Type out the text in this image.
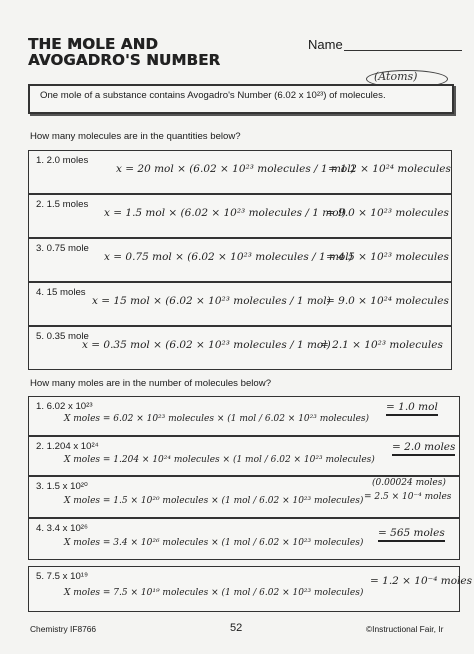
THE MOLE AND
AVOGADRO'S NUMBER
Name
(Atoms)
One mole of a substance contains Avogadro's Number (6.02 x 10²³) of molecules.
How many molecules are in the quantities below?
1. 2.0 moles
x = 20 mol × (6.02 × 10²³ molecules / 1 mol)
= 1.2 × 10²⁴ molecules
2. 1.5 moles
x = 1.5 mol × (6.02 × 10²³ molecules / 1 mol)
= 9.0 × 10²³ molecules
3. 0.75 mole
x = 0.75 mol × (6.02 × 10²³ molecules / 1 mol)
= 4.5 × 10²³ molecules
4. 15 moles
x = 15 mol × (6.02 × 10²³ molecules / 1 mol)
= 9.0 × 10²⁴ molecules
5. 0.35 mole
x = 0.35 mol × (6.02 × 10²³ molecules / 1 mol)
= 2.1 × 10²³ molecules
How many moles are in the number of molecules below?
1. 6.02 x 10²³
X moles = 6.02 × 10²³ molecules × (1 mol / 6.02 × 10²³ molecules)
= 1.0 mol
2. 1.204 x 10²⁴
X moles = 1.204 × 10²⁴ molecules × (1 mol / 6.02 × 10²³ molecules)
= 2.0 moles
3. 1.5 x 10²⁰
X moles = 1.5 × 10²⁰ molecules × (1 mol / 6.02 × 10²³ molecules)
(0.00024 moles)
= 2.5 × 10⁻⁴ moles
4. 3.4 x 10²⁶
X moles = 3.4 × 10²⁶ molecules × (1 mol / 6.02 × 10²³ molecules)
= 565 moles
5. 7.5 x 10¹⁹
X moles = 7.5 × 10¹⁹ molecules × (1 mol / 6.02 × 10²³ molecules)
= 1.2 × 10⁻⁴ moles
Chemistry IF8766	52	©Instructional Fair, Ir
